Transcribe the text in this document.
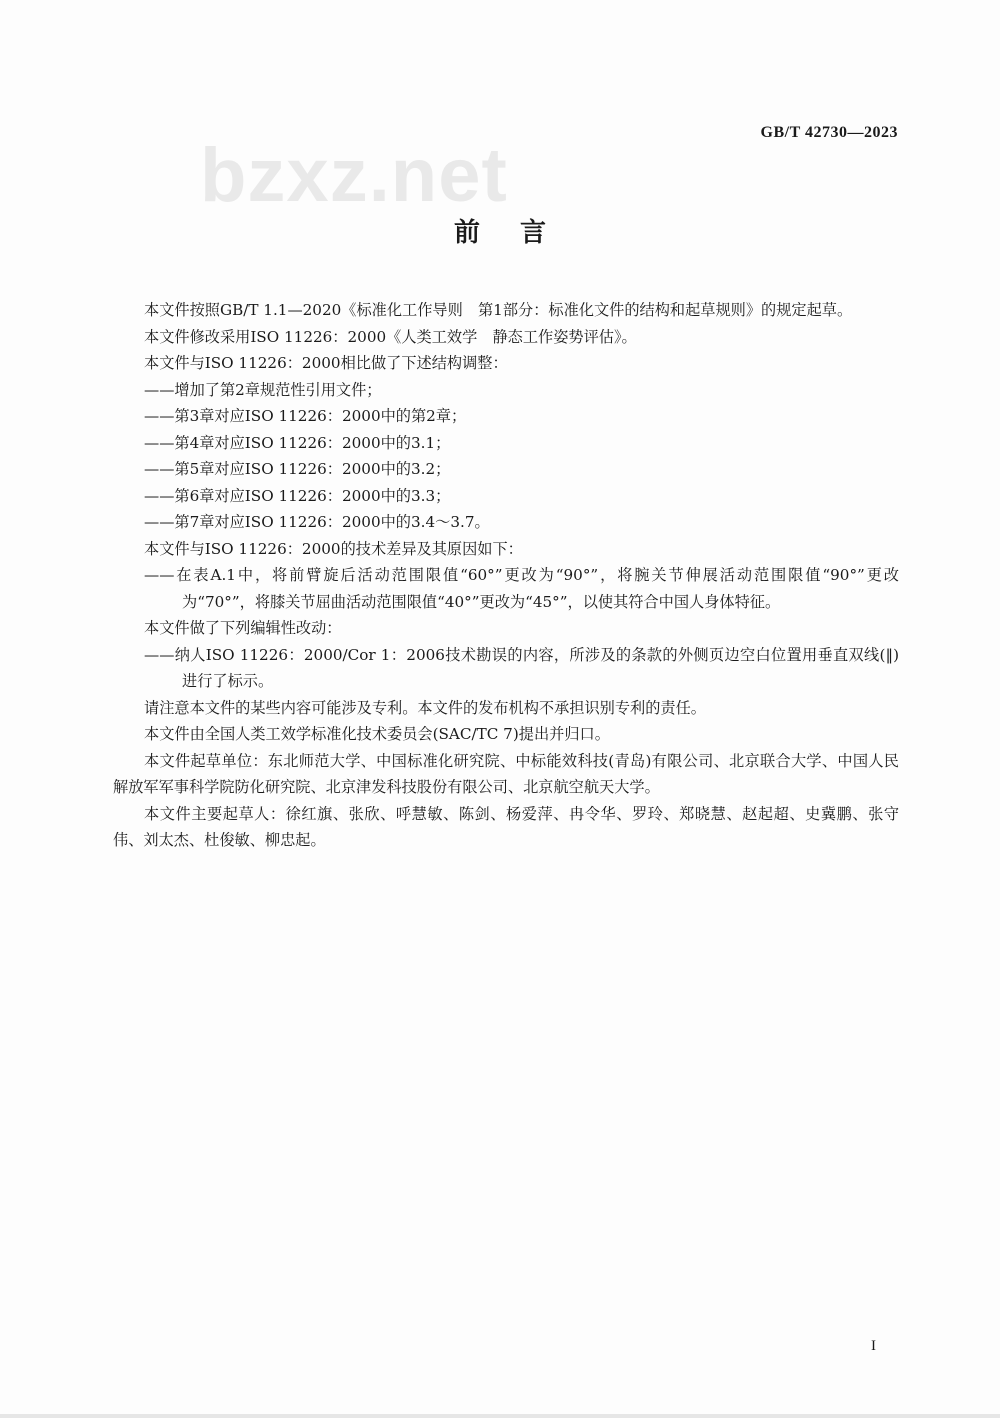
bzxz.net
GB/T 42730—2023
前言

本文件按照GB/T 1.1—2020《标准化工作导则　第1部分：标准化文件的结构和起草规则》的规定起草。

本文件修改采用ISO 11226：2000《人类工效学　静态工作姿势评估》。

本文件与ISO 11226：2000相比做了下述结构调整：

——增加了第2章规范性引用文件；

——第3章对应ISO 11226：2000中的第2章；

——第4章对应ISO 11226：2000中的3.1；

——第5章对应ISO 11226：2000中的3.2；

——第6章对应ISO 11226：2000中的3.3；

——第7章对应ISO 11226：2000中的3.4～3.7。

本文件与ISO 11226：2000的技术差异及其原因如下：

——在表A.1中，将前臂旋后活动范围限值“60°”更改为“90°”，将腕关节伸展活动范围限值“90°”更改为“70°”，将膝关节屈曲活动范围限值“40°”更改为“45°”，以使其符合中国人身体特征。

本文件做了下列编辑性改动：

——纳人ISO 11226：2000/Cor 1：2006技术勘误的内容，所涉及的条款的外侧页边空白位置用垂直双线(‖)进行了标示。

请注意本文件的某些内容可能涉及专利。本文件的发布机构不承担识别专利的责任。

本文件由全国人类工效学标准化技术委员会(SAC/TC 7)提出并归口。

本文件起草单位：东北师范大学、中国标准化研究院、中标能效科技(青岛)有限公司、北京联合大学、中国人民解放军军事科学院防化研究院、北京津发科技股份有限公司、北京航空航天大学。

本文件主要起草人：徐红旗、张欣、呼慧敏、陈剑、杨爱萍、冉令华、罗玲、郑晓慧、赵起超、史冀鹏、张守伟、刘太杰、杜俊敏、柳忠起。

I
